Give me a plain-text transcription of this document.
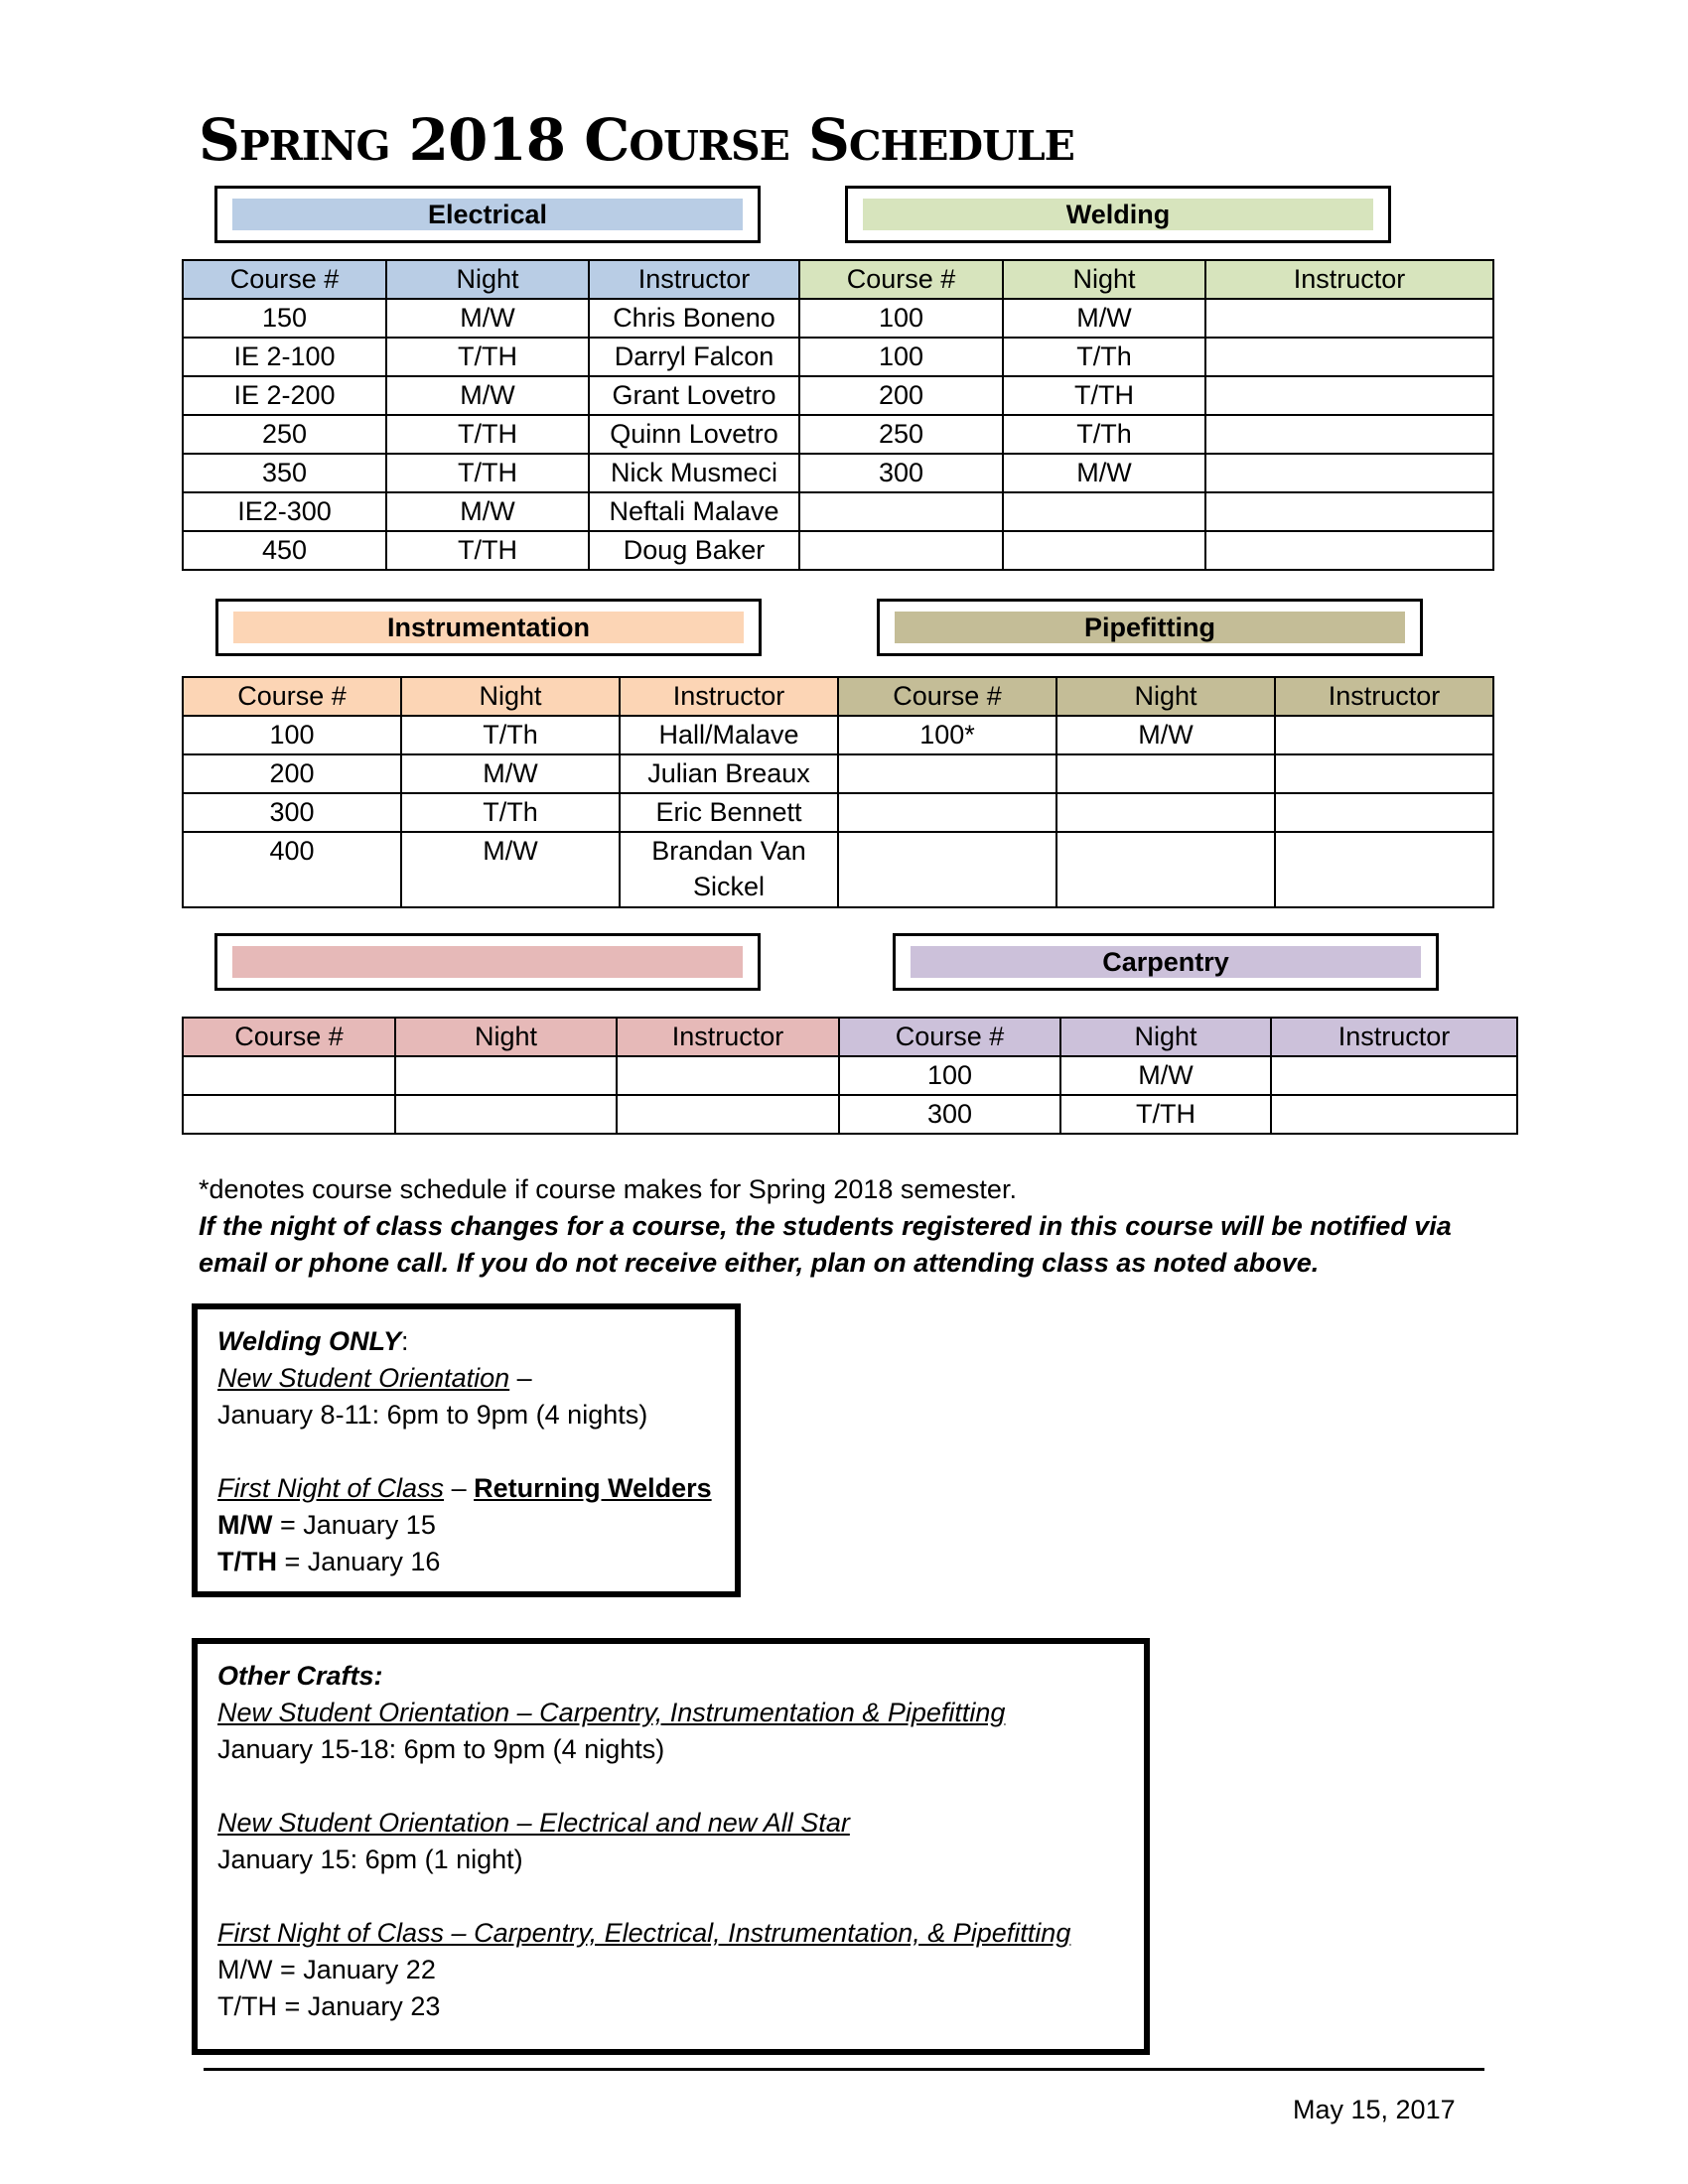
Spring 2018 Course Schedule
Electrical	Welding
Course #	Night	Instructor	Course #	Night	Instructor
150	M/W	Chris Boneno	100	M/W	
IE 2-100	T/TH	Darryl Falcon	100	T/Th	
IE 2-200	M/W	Grant Lovetro	200	T/TH	
250	T/TH	Quinn Lovetro	250	T/Th	
350	T/TH	Nick Musmeci	300	M/W	
IE2-300	M/W	Neftali Malave			
450	T/TH	Doug Baker			
Instrumentation	Pipefitting
Course #	Night	Instructor	Course #	Night	Instructor
100	T/Th	Hall/Malave	100*	M/W	
200	M/W	Julian Breaux			
300	T/Th	Eric Bennett			
400	M/W	Brandan Van Sickel			
Carpentry
Course #	Night	Instructor	Course #	Night	Instructor
			100	M/W	
			300	T/TH	
*denotes course schedule if course makes for Spring 2018 semester.
If the night of class changes for a course, the students registered in this course will be notified via
email or phone call. If you do not receive either, plan on attending class as noted above.
Welding ONLY:
New Student Orientation –
January 8-11: 6pm to 9pm (4 nights)
First Night of Class – Returning Welders
M/W = January 15
T/TH = January 16
Other Crafts:
New Student Orientation – Carpentry, Instrumentation & Pipefitting
January 15-18: 6pm to 9pm (4 nights)
New Student Orientation – Electrical and new All Star
January 15: 6pm (1 night)
First Night of Class – Carpentry, Electrical, Instrumentation, & Pipefitting
M/W = January 22
T/TH = January 23
May 15, 2017
